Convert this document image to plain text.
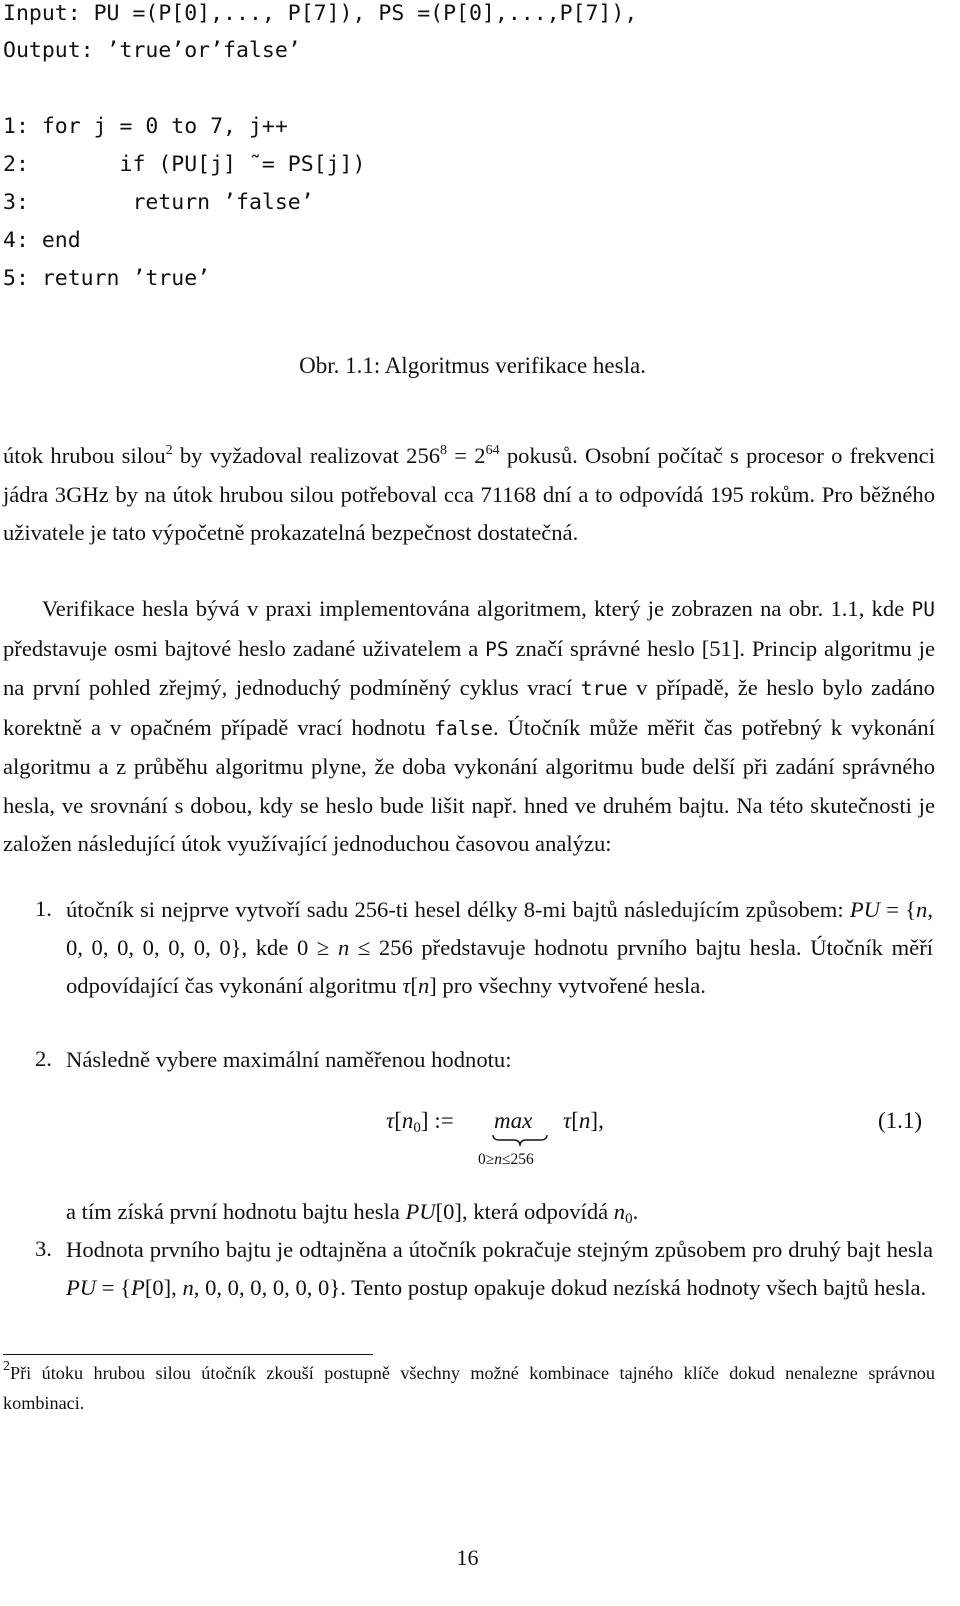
Input: PU =(P[0],..., P[7]), PS =(P[0],...,P[7]),
Output: ’true’or’false’
1: for j = 0 to 7, j++
2:       if (PU[j] ˜= PS[j])
3:        return ’false’
4: end
5: return ’true’
Obr. 1.1: Algoritmus verifikace hesla.
útok hrubou silou$^2$ by vyžadoval realizovat $256^8 = 2^{64}$ pokusů. Osobní počítač s procesor o frekvenci jádra 3GHz by na útok hrubou silou potřeboval cca 71168 dní a to odpovídá 195 rokům. Pro běžného uživatele je tato výpočetně prokazatelná bezpečnost dostatečná.
Verifikace hesla bývá v praxi implementována algoritmem, který je zobrazen na obr. 1.1, kde PU představuje osmi bajtové heslo zadané uživatelem a PS značí správné heslo [51]. Princip algoritmu je na první pohled zřejmý, jednoduchý podmíněný cyklus vrací true v případě, že heslo bylo zadáno korektně a v opačném případě vrací hodnotu false. Útočník může měřit čas potřebný k vykonání algoritmu a z průběhu algoritmu plyne, že doba vykonání algoritmu bude delší při zadání správného hesla, ve srovnání s dobou, kdy se heslo bude lišit např. hned ve druhém bajtu. Na této skutečnosti je založen následující útok využívající jednoduchou časovou analýzu:
1. útočník si nejprve vytvoří sadu 256-ti hesel délky 8-mi bajtů následujícím způsobem: PU = {n, 0, 0, 0, 0, 0, 0, 0}, kde 0 ≥ n ≤ 256 představuje hodnotu prvního bajtu hesla. Útočník měří odpovídající čas vykonání algoritmu τ[n] pro všechny vytvořené hesla.
2. Následně vybere maximální naměřenou hodnotu:
$\tau[n_0]$ := max
0≥n≤256
τ[n],	(1.1)
a tím získá první hodnotu bajtu hesla PU[0], která odpovídá $n_0$.
3. Hodnota prvního bajtu je odtajněna a útočník pokračuje stejným způsobem pro druhý bajt hesla PU = {P[0], n, 0, 0, 0, 0, 0, 0}. Tento postup opakuje dokud nezíská hodnoty všech bajtů hesla.
$^2$Při útoku hrubou silou útočník zkouší postupně všechny možné kombinace tajného klíče dokud nenalezne správnou kombinaci.
16
